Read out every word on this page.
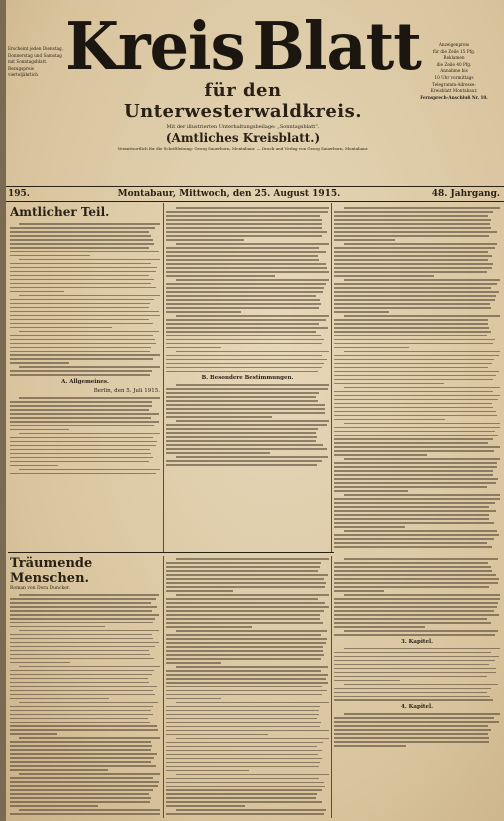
Erscheint jeden Dienstag,
Donnerstag und Samstag
mit Sonntagsblatt.
Bezugspreis
vierteljährlich Kreis Blatt
für den Unterwesterwaldkreis.
Mit der illustrierten Unterhaltungsbeilage: „Sonntagsblatt“.
(Amtliches Kreisblatt.)
Verantwortlich für die Schriftleitung: Georg Sauerborn, Montabaur. — Druck und Verlag von Georg Sauerborn, Montabaur.
Anzeigenpreis
für die Zeile 15 Pfg.
Reklamen
die Zeile 40 Pfg.
Annahme bis
10 Uhr vormittags
Telegramm-Adresse:
Kreisblatt Montabaur.
Fernsprech-Anschluß Nr. 10.
195.	Montabaur, Mittwoch, den 25. August 1915.	48. Jahrgang.
Amtlicher Teil.
A. Allgemeines.
Berlin, den 5. Juli 1915.
B. Besondere Bestimmungen.
Träumende Menschen.
Roman von Dora Duncker.
3. Kapitel.
4. Kapitel.
